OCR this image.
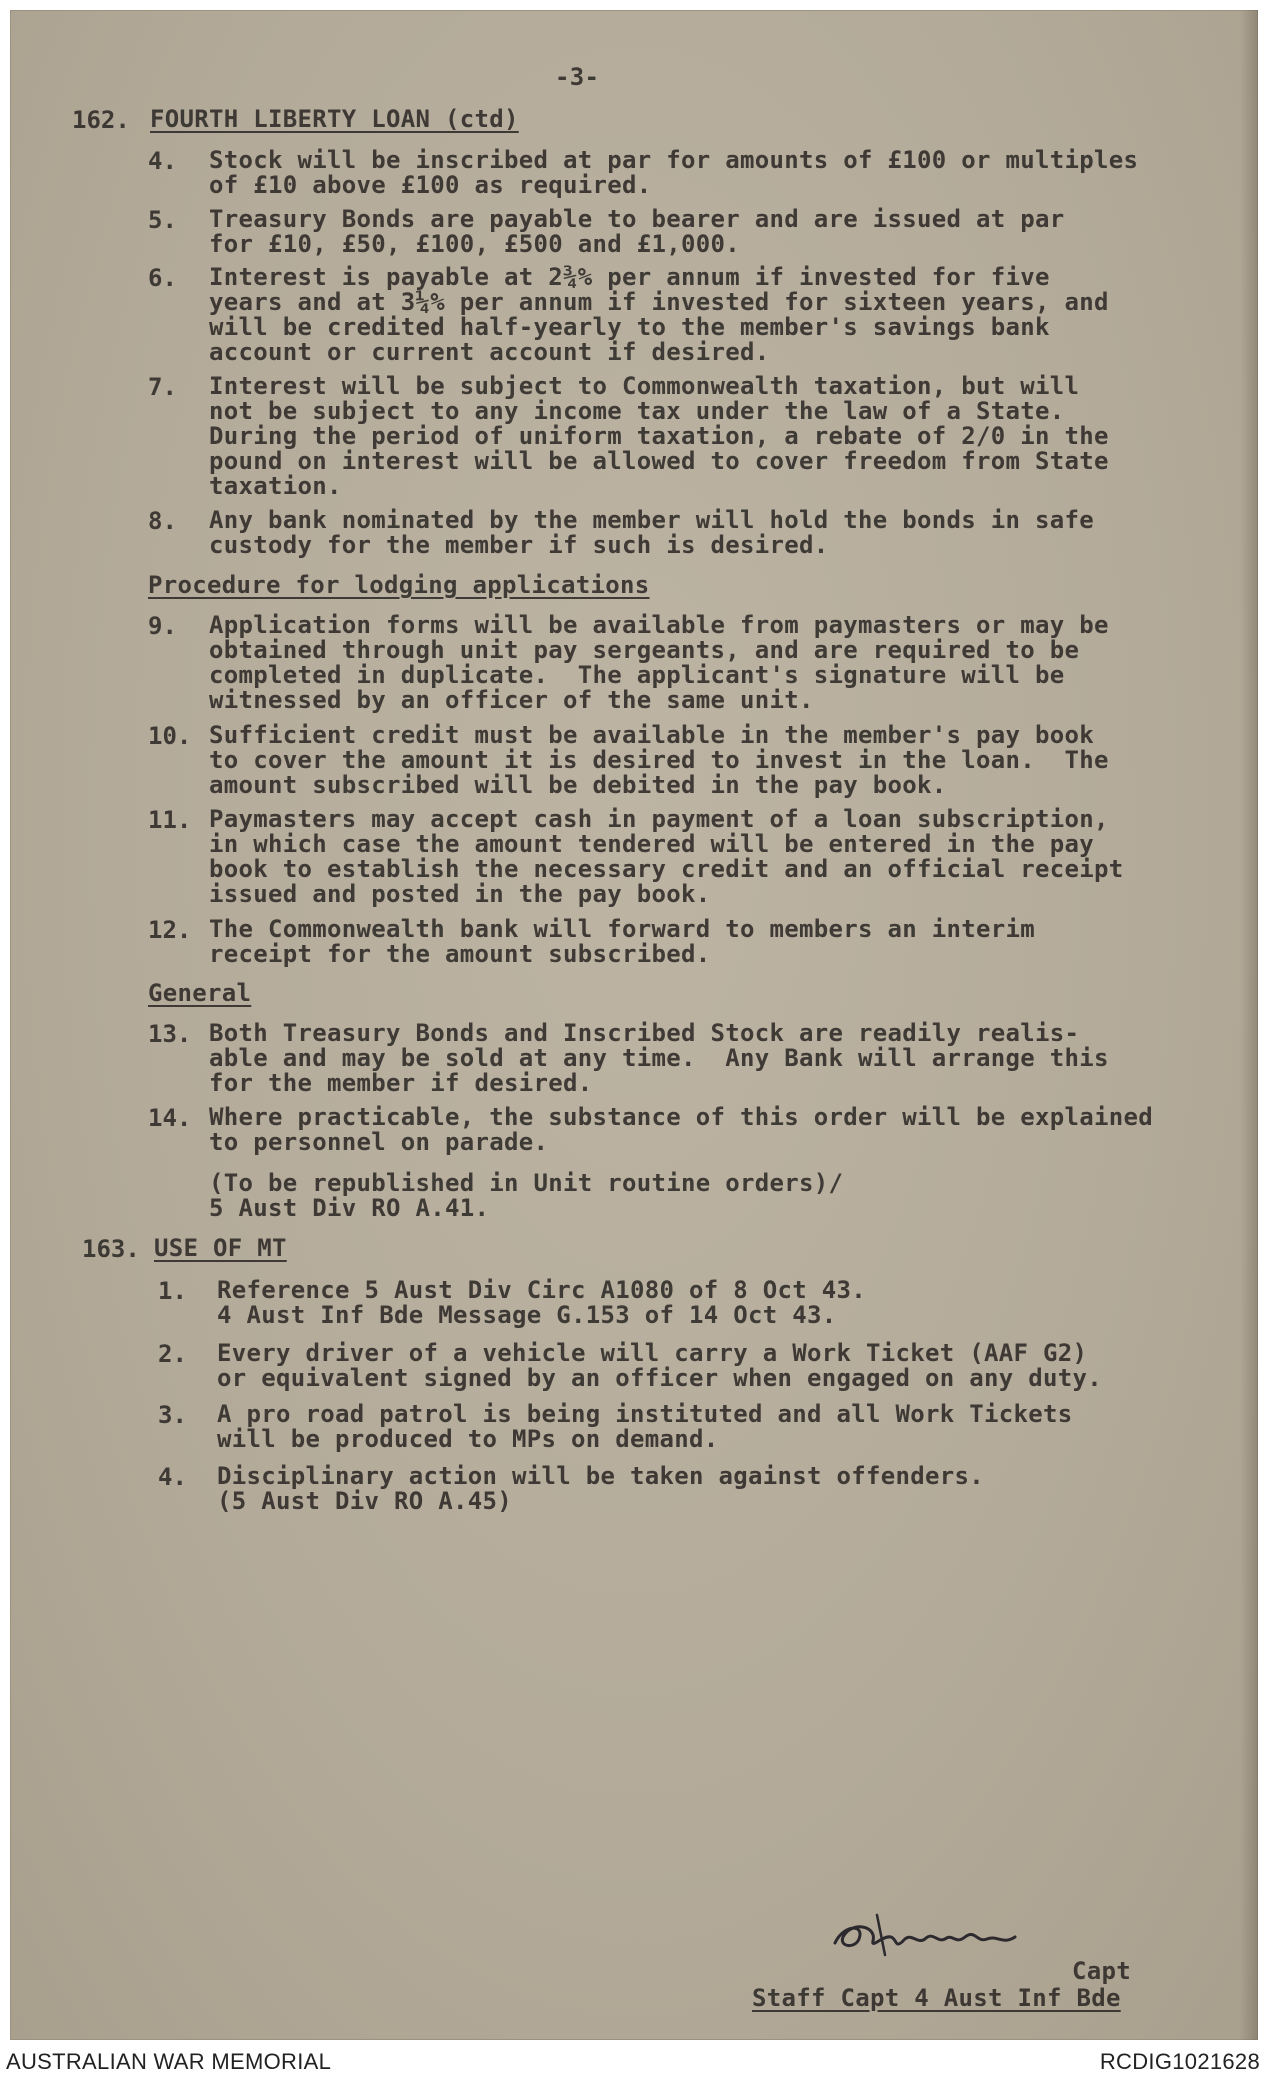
-3-
162. FOURTH LIBERTY LOAN (ctd)
4. Stock will be inscribed at par for amounts of £100 or multiples
of £10 above £100 as required.
5. Treasury Bonds are payable to bearer and are issued at par
for £10, £50, £100, £500 and £1,000.
6. Interest is payable at 2¾% per annum if invested for five
years and at 3¼% per annum if invested for sixteen years, and
will be credited half-yearly to the member's savings bank
account or current account if desired.
7. Interest will be subject to Commonwealth taxation, but will
not be subject to any income tax under the law of a State.
During the period of uniform taxation, a rebate of 2/0 in the
pound on interest will be allowed to cover freedom from State
taxation.
8. Any bank nominated by the member will hold the bonds in safe
custody for the member if such is desired.
Procedure for lodging applications
9. Application forms will be available from paymasters or may be
obtained through unit pay sergeants, and are required to be
completed in duplicate.  The applicant's signature will be
witnessed by an officer of the same unit.
10. Sufficient credit must be available in the member's pay book
to cover the amount it is desired to invest in the loan.  The
amount subscribed will be debited in the pay book.
11. Paymasters may accept cash in payment of a loan subscription,
in which case the amount tendered will be entered in the pay
book to establish the necessary credit and an official receipt
issued and posted in the pay book.
12. The Commonwealth bank will forward to members an interim
receipt for the amount subscribed.
General
13. Both Treasury Bonds and Inscribed Stock are readily realis-
able and may be sold at any time.  Any Bank will arrange this
for the member if desired.
14. Where practicable, the substance of this order will be explained
to personnel on parade.
(To be republished in Unit routine orders)/
5 Aust Div RO A.41.
163. USE OF MT
1. Reference 5 Aust Div Circ A1080 of 8 Oct 43.
4 Aust Inf Bde Message G.153 of 14 Oct 43.
2. Every driver of a vehicle will carry a Work Ticket (AAF G2)
or equivalent signed by an officer when engaged on any duty.
3. A pro road patrol is being instituted and all Work Tickets
will be produced to MPs on demand.
4. Disciplinary action will be taken against offenders.
(5 Aust Div RO A.45)
Capt
Staff Capt 4 Aust Inf Bde
AUSTRALIAN WAR MEMORIAL	RCDIG1021628
